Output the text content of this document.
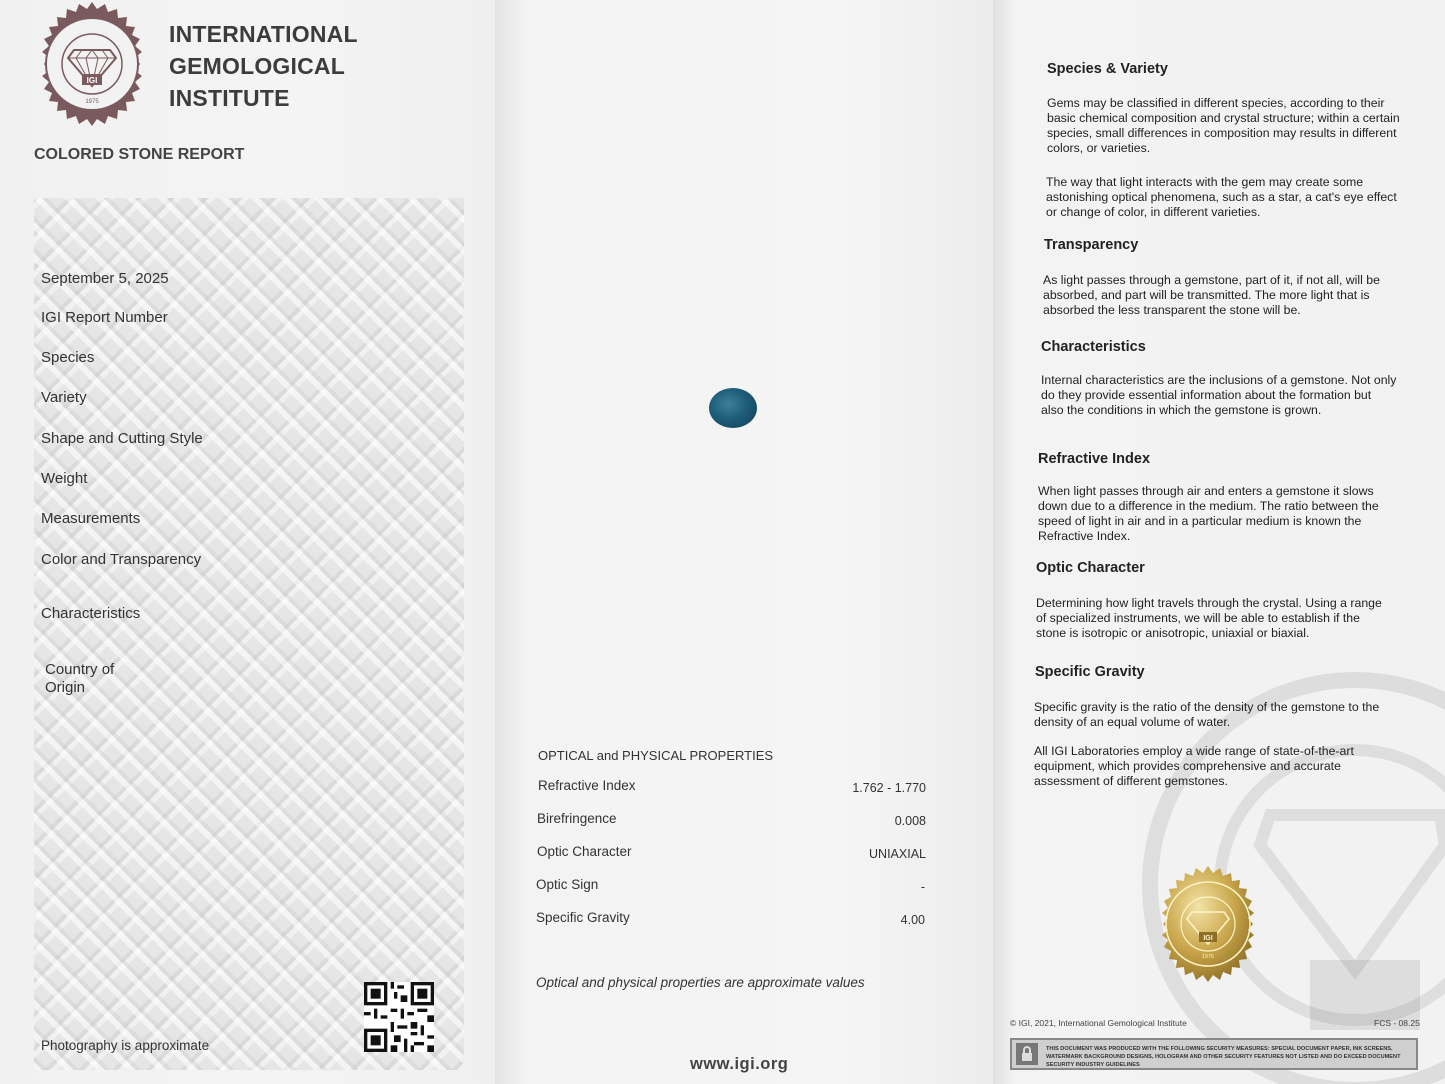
IGI
1975
INTERNATIONAL
GEMOLOGICAL
INSTITUTE
COLORED STONE REPORT
September 5, 2025
IGI Report Number
Species
Variety
Shape and Cutting Style
Weight
Measurements
Color and Transparency
Characteristics
Country of
Origin
Photography is approximate
OPTICAL and PHYSICAL PROPERTIES
Refractive Index	1.762 - 1.770
Birefringence	0.008
Optic Character	UNIAXIAL
Optic Sign	-
Specific Gravity	4.00
Optical and physical properties are approximate values
www.igi.org
Species & Variety
Gems may be classified in different species, according to their basic chemical composition and crystal structure; within a certain species, small differences in composition may results in different colors, or varieties.
The way that light interacts with the gem may create some astonishing optical phenomena, such as a star, a cat's eye effect or change of color, in different varieties.
Transparency
As light passes through a gemstone, part of it, if not all, will be absorbed, and part will be transmitted. The more light that is absorbed the less transparent the stone will be.
Characteristics
Internal characteristics are the inclusions of a gemstone. Not only do they provide essential information about the formation but also the conditions in which the gemstone is grown.
Refractive Index
When light passes through air and enters a gemstone it slows down due to a difference in the medium. The ratio between the speed of light in air and in a particular medium is known the Refractive Index.
Optic Character
Determining how light travels through the crystal. Using a range of specialized instruments, we will be able to establish if the stone is isotropic or anisotropic, uniaxial or biaxial.
Specific Gravity
Specific gravity is the ratio of the density of the gemstone to the density of an equal volume of water.
All IGI Laboratories employ a wide range of state-of-the-art equipment, which provides comprehensive and accurate assessment of different gemstones.
IGI
1975
© IGI, 2021, International Gemological Institute	FCS - 08.25
THIS DOCUMENT WAS PRODUCED WITH THE FOLLOWING SECURITY MEASURES: SPECIAL DOCUMENT PAPER, INK SCREENS, WATERMARK BACKGROUND DESIGNS, HOLOGRAM AND OTHER SECURITY FEATURES NOT LISTED AND DO EXCEED DOCUMENT SECURITY INDUSTRY GUIDELINES
